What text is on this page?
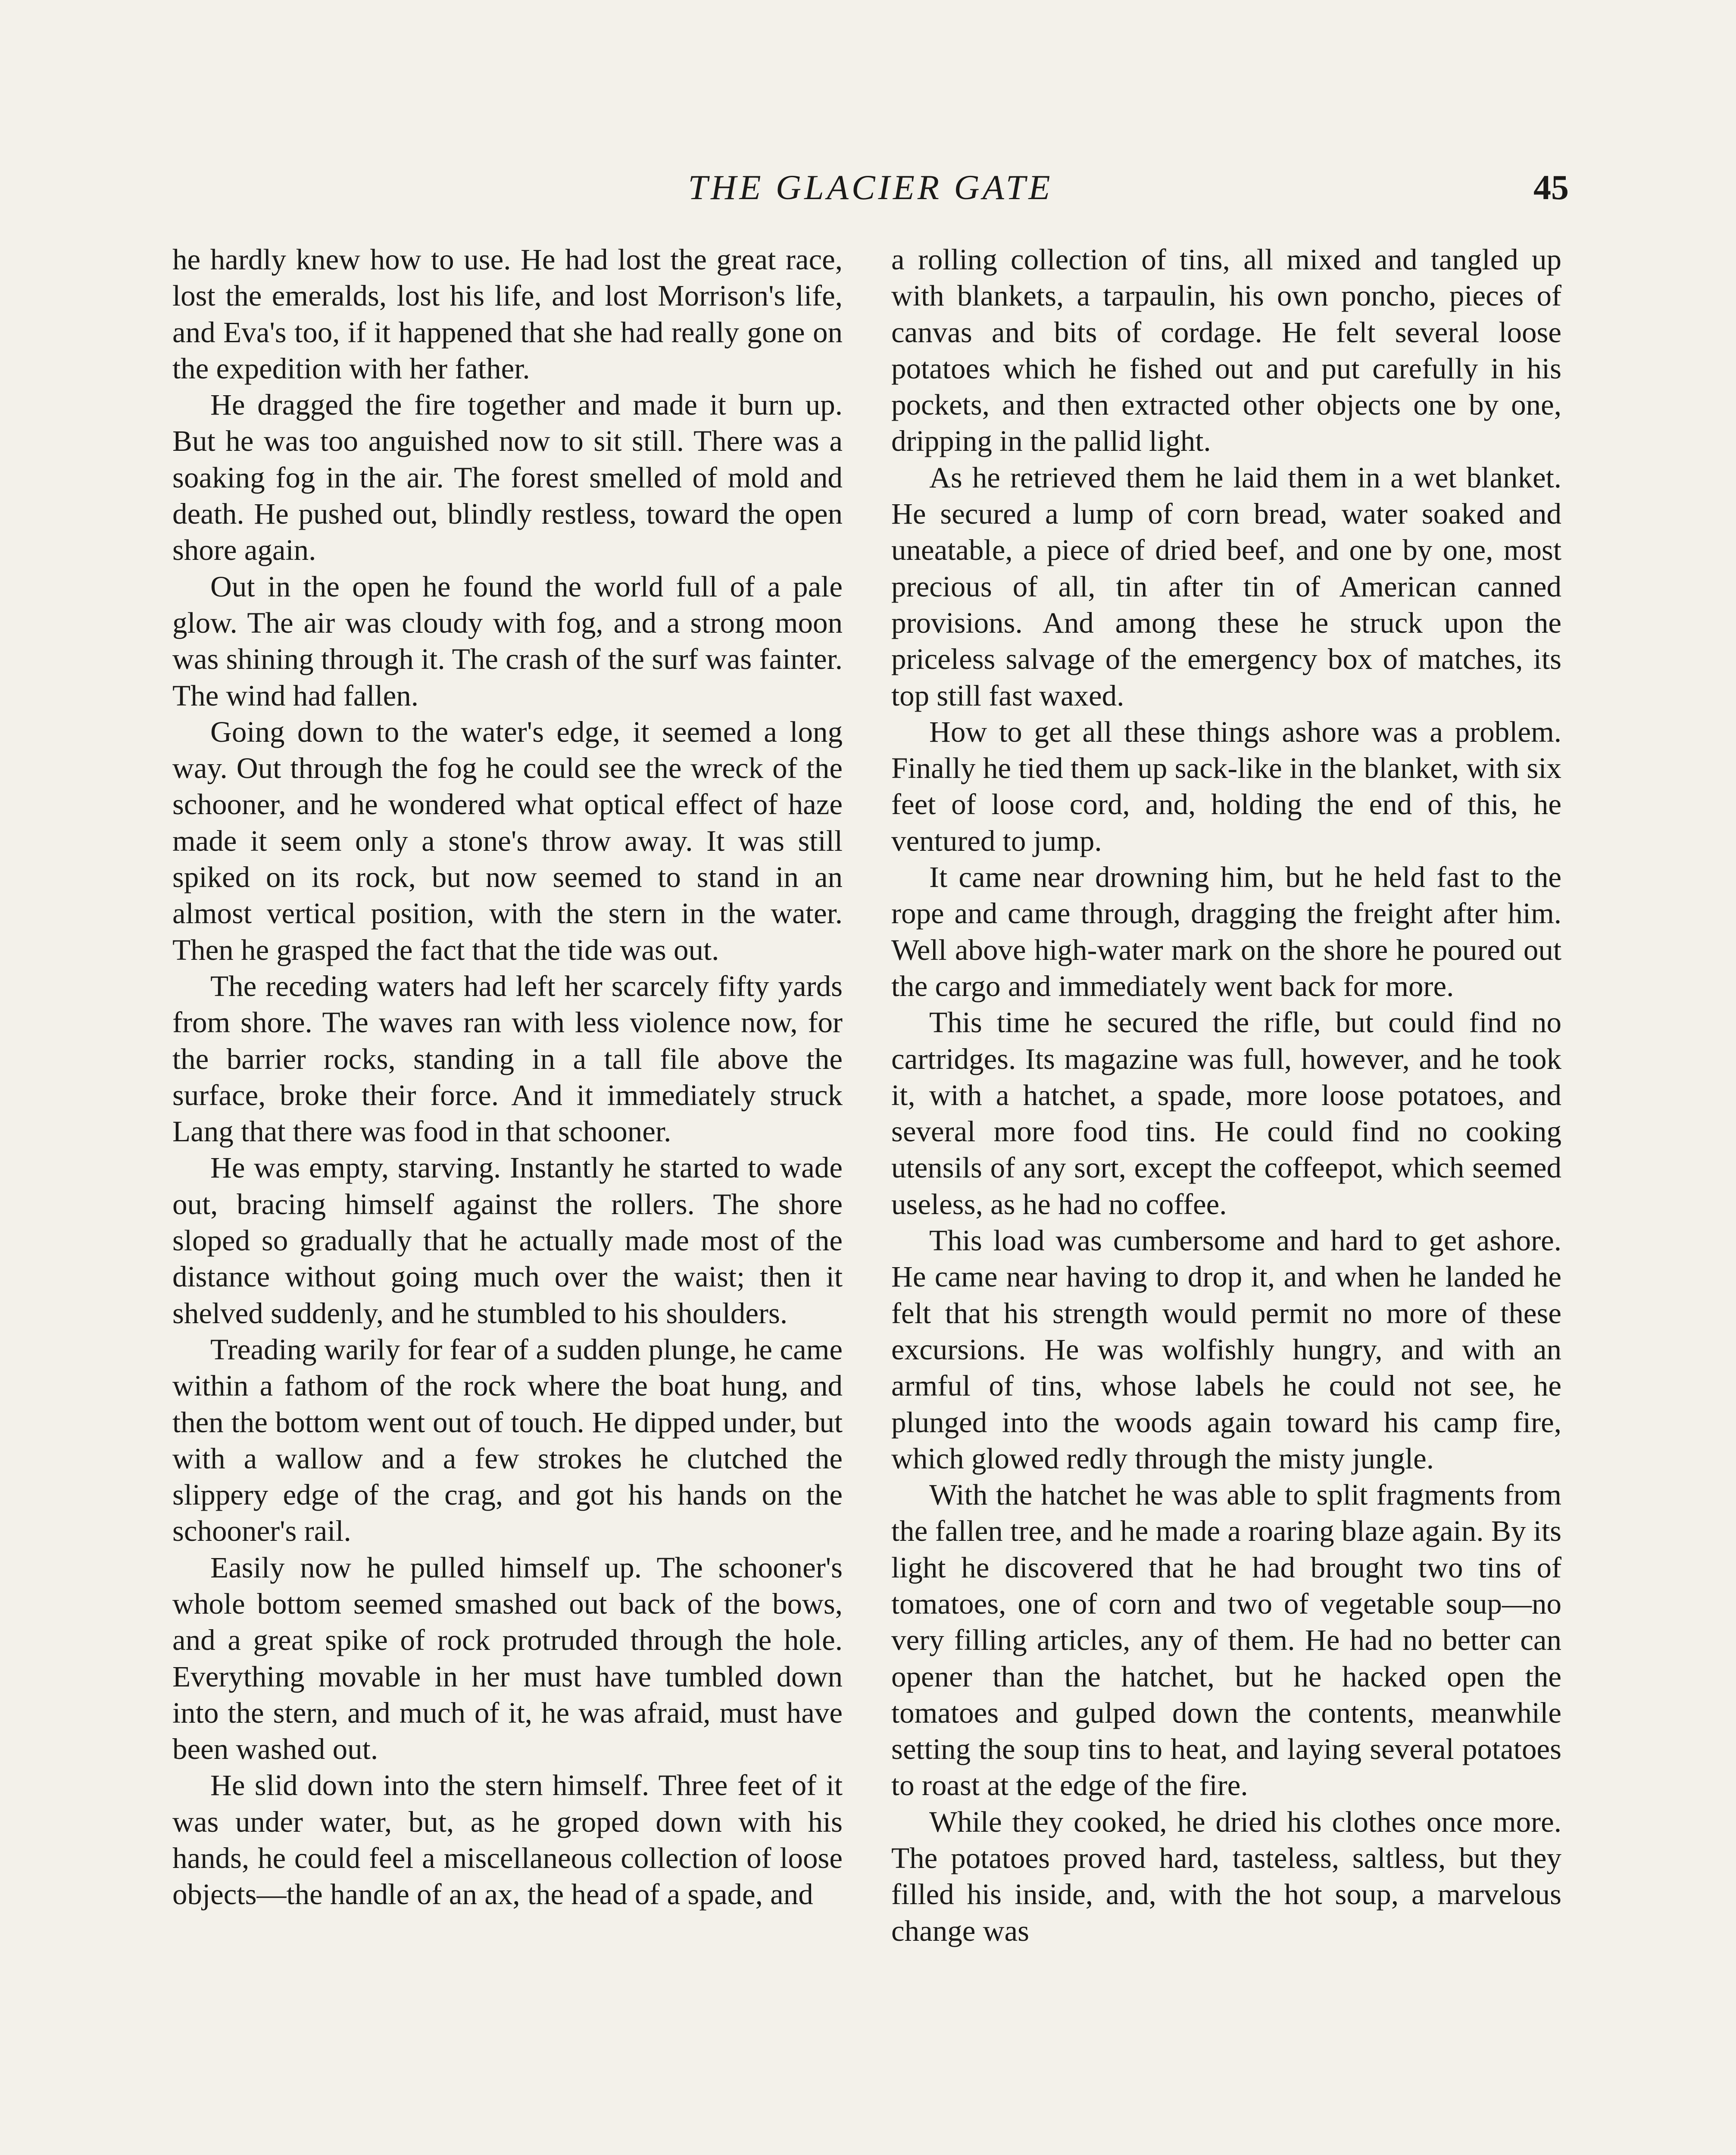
THE GLACIER GATE	45

he hardly knew how to use. He had lost the great race, lost the emeralds, lost his life, and lost Morrison's life, and Eva's too, if it happened that she had really gone on the expedition with her father.

He dragged the fire together and made it burn up. But he was too anguished now to sit still. There was a soaking fog in the air. The forest smelled of mold and death. He pushed out, blindly restless, toward the open shore again.

Out in the open he found the world full of a pale glow. The air was cloudy with fog, and a strong moon was shining through it. The crash of the surf was fainter. The wind had fallen.

Going down to the water's edge, it seemed a long way. Out through the fog he could see the wreck of the schooner, and he wondered what optical effect of haze made it seem only a stone's throw away. It was still spiked on its rock, but now seemed to stand in an almost vertical position, with the stern in the water. Then he grasped the fact that the tide was out.

The receding waters had left her scarcely fifty yards from shore. The waves ran with less violence now, for the barrier rocks, standing in a tall file above the surface, broke their force. And it immediately struck Lang that there was food in that schooner.

He was empty, starving. Instantly he started to wade out, bracing himself against the rollers. The shore sloped so gradually that he actually made most of the distance without going much over the waist; then it shelved suddenly, and he stumbled to his shoulders.

Treading warily for fear of a sudden plunge, he came within a fathom of the rock where the boat hung, and then the bottom went out of touch. He dipped under, but with a wallow and a few strokes he clutched the slippery edge of the crag, and got his hands on the schooner's rail.

Easily now he pulled himself up. The schooner's whole bottom seemed smashed out back of the bows, and a great spike of rock protruded through the hole. Everything movable in her must have tumbled down into the stern, and much of it, he was afraid, must have been washed out.

He slid down into the stern himself. Three feet of it was under water, but, as he groped down with his hands, he could feel a miscellaneous collection of loose objects—the handle of an ax, the head of a spade, and

a rolling collection of tins, all mixed and tangled up with blankets, a tarpaulin, his own poncho, pieces of canvas and bits of cordage. He felt several loose potatoes which he fished out and put carefully in his pockets, and then extracted other objects one by one, dripping in the pallid light.

As he retrieved them he laid them in a wet blanket. He secured a lump of corn bread, water soaked and uneatable, a piece of dried beef, and one by one, most precious of all, tin after tin of American canned provisions. And among these he struck upon the priceless salvage of the emergency box of matches, its top still fast waxed.

How to get all these things ashore was a problem. Finally he tied them up sack-like in the blanket, with six feet of loose cord, and, holding the end of this, he ventured to jump.

It came near drowning him, but he held fast to the rope and came through, dragging the freight after him. Well above high-water mark on the shore he poured out the cargo and immediately went back for more.

This time he secured the rifle, but could find no cartridges. Its magazine was full, however, and he took it, with a hatchet, a spade, more loose potatoes, and several more food tins. He could find no cooking utensils of any sort, except the coffeepot, which seemed useless, as he had no coffee.

This load was cumbersome and hard to get ashore. He came near having to drop it, and when he landed he felt that his strength would permit no more of these excursions. He was wolfishly hungry, and with an armful of tins, whose labels he could not see, he plunged into the woods again toward his camp fire, which glowed redly through the misty jungle.

With the hatchet he was able to split fragments from the fallen tree, and he made a roaring blaze again. By its light he discovered that he had brought two tins of tomatoes, one of corn and two of vegetable soup—no very filling articles, any of them. He had no better can opener than the hatchet, but he hacked open the tomatoes and gulped down the contents, meanwhile setting the soup tins to heat, and laying several potatoes to roast at the edge of the fire.

While they cooked, he dried his clothes once more. The potatoes proved hard, tasteless, saltless, but they filled his inside, and, with the hot soup, a marvelous change was
